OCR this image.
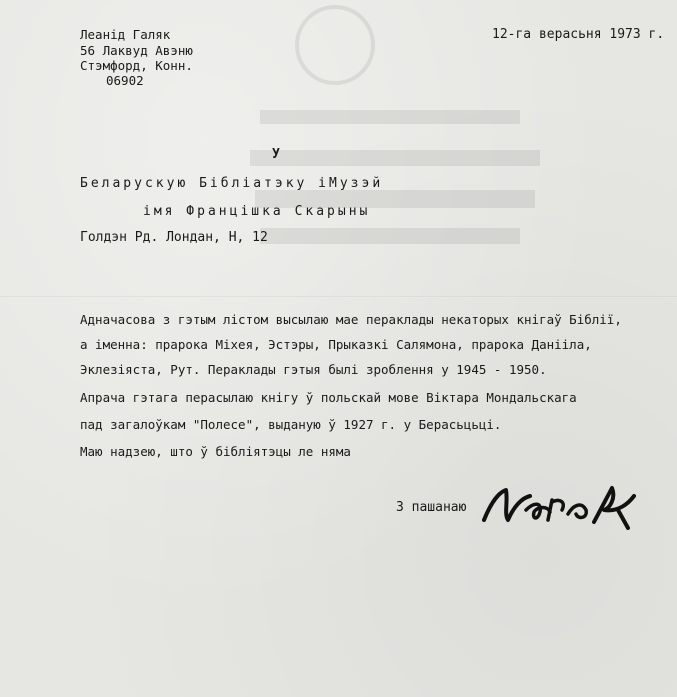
Леанід Галяк
56 Лаквуд Авэню
Стэмфорд, Конн.
06902
12-га верасьня 1973 г.
У
Беларускую Бібліатэку іМузэй
імя Францішка Скарыны
Голдэн Рд. Лондан, Н, 12
Адначасова з гэтым лістом высылаю мае пераклады некаторых кнігаў Біблії,
а іменна: прарока Міхея, Эстэры, Прыказкі Салямона, прарока Данііла,
Эклезіяста, Рут. Пераклады гэтыя былі зроблення у 1945 - 1950.
Апрача гэтага перасылаю кнігу ў польскай мове Віктара Мондальскага
пад загалоўкам "Полесе", выданую ў 1927 г. у Берасьцьці.
Маю надзею, што ў бібліятэцы ле няма
З пашанаю
